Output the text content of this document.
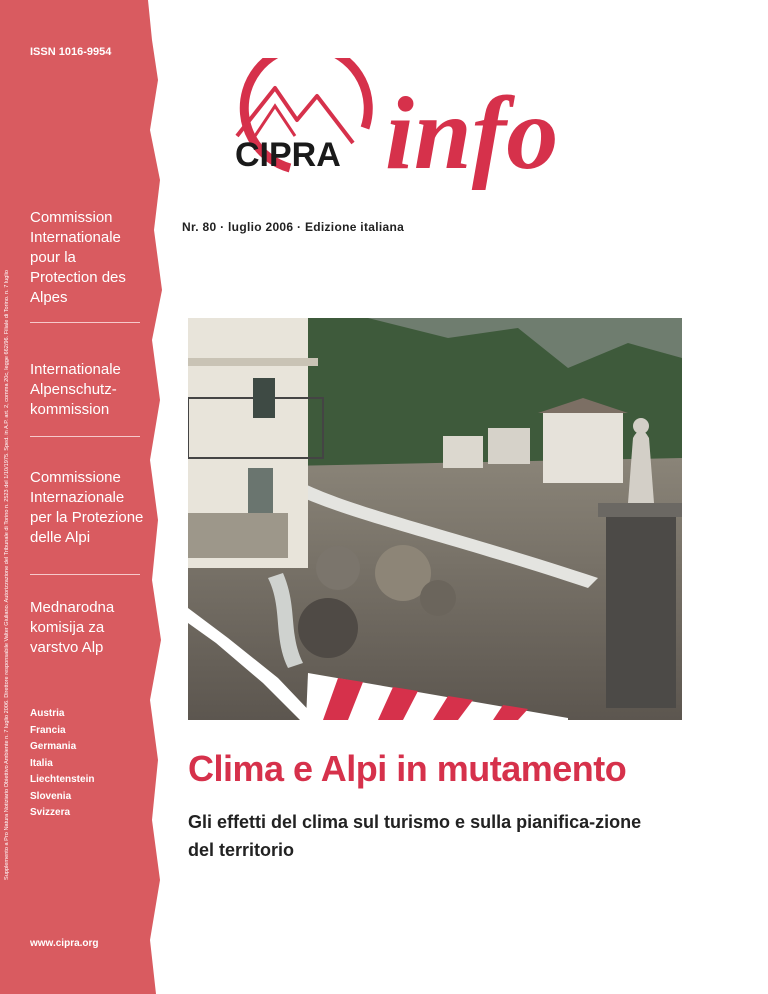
ISSN 1016-9954
Supplemento a Pro Natura Notiziario Obiettivo Ambiente n. 7 luglio 2006. Direttore responsabile Valter Giuliano. Autorizzazione del Tribunale di Torino n. 2523 del 1/10/1975. Sped. in A.P. art. 2, comma 20c, legge 662/96. Filiale di Torino. n. 7 luglio
Commission Internationale pour la Protection des Alpes
Internationale Alpenschutz-kommission
Commissione Internazionale per la Protezione delle Alpi
Mednarodna komisija za varstvo Alp
Austria
Francia
Germania
Italia
Liechtenstein
Slovenia
Svizzera
www.cipra.org
CIPRA info
Nr. 80 · luglio 2006 · Edizione italiana
Clima e Alpi in mutamento

Gli effetti del clima sul turismo e sulla pianifica-zione del territorio
